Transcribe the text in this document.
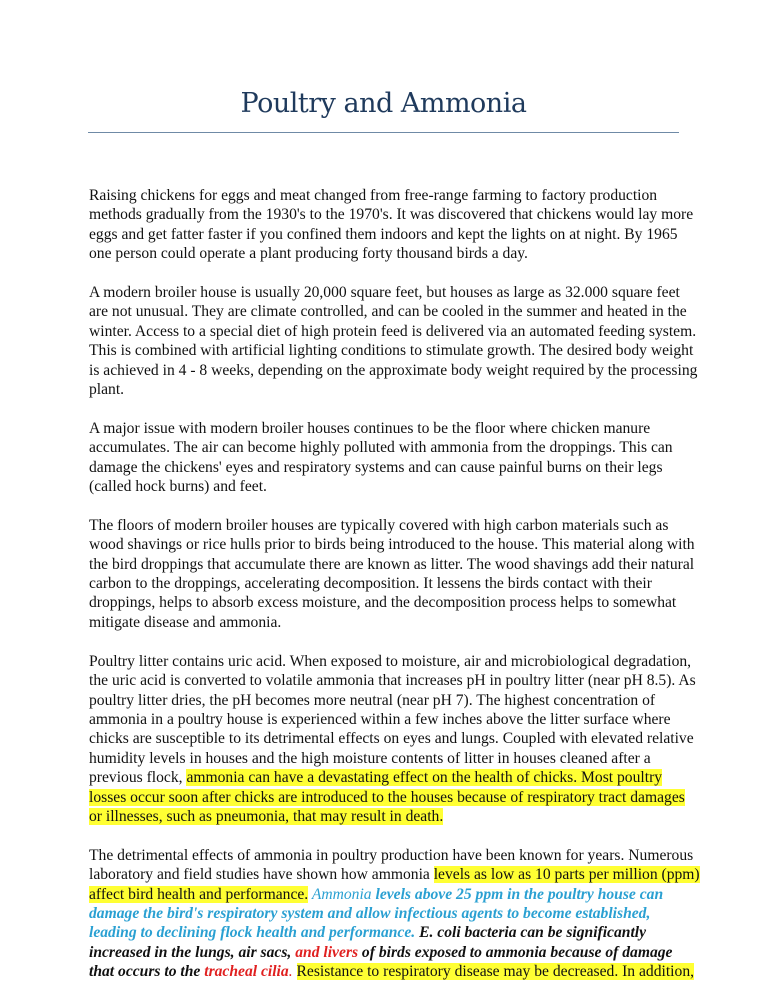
Poultry and Ammonia

Raising chickens for eggs and meat changed from free-range farming to factory production methods gradually from the 1930's to the 1970's. It was discovered that chickens would lay more eggs and get fatter faster if you confined them indoors and kept the lights on at night. By 1965 one person could operate a plant producing forty thousand birds a day.

A modern broiler house is usually 20,000 square feet, but houses as large as 32.000 square feet are not unusual. They are climate controlled, and can be cooled in the summer and heated in the winter. Access to a special diet of high protein feed is delivered via an automated feeding system. This is combined with artificial lighting conditions to stimulate growth. The desired body weight is achieved in 4 - 8 weeks, depending on the approximate body weight required by the processing plant.

A major issue with modern broiler houses continues to be the floor where chicken manure accumulates. The air can become highly polluted with ammonia from the droppings. This can damage the chickens' eyes and respiratory systems and can cause painful burns on their legs (called hock burns) and feet.

The floors of modern broiler houses are typically covered with high carbon materials such as wood shavings or rice hulls prior to birds being introduced to the house. This material along with the bird droppings that accumulate there are known as litter. The wood shavings add their natural carbon to the droppings, accelerating decomposition. It lessens the birds contact with their droppings, helps to absorb excess moisture, and the decomposition process helps to somewhat mitigate disease and ammonia.

Poultry litter contains uric acid. When exposed to moisture, air and microbiological degradation, the uric acid is converted to volatile ammonia that increases pH in poultry litter (near pH 8.5). As poultry litter dries, the pH becomes more neutral (near pH 7). The highest concentration of ammonia in a poultry house is experienced within a few inches above the litter surface where chicks are susceptible to its detrimental effects on eyes and lungs. Coupled with elevated relative humidity levels in houses and the high moisture contents of litter in houses cleaned after a previous flock, ammonia can have a devastating effect on the health of chicks. Most poultry losses occur soon after chicks are introduced to the houses because of respiratory tract damages or illnesses, such as pneumonia, that may result in death.

The detrimental effects of ammonia in poultry production have been known for years. Numerous laboratory and field studies have shown how ammonia levels as low as 10 parts per million (ppm) affect bird health and performance. Ammonia levels above 25 ppm in the poultry house can damage the bird's respiratory system and allow infectious agents to become established, leading to declining flock health and performance. E. coli bacteria can be significantly increased in the lungs, air sacs, and livers of birds exposed to ammonia because of damage that occurs to the tracheal cilia. Resistance to respiratory disease may be decreased. In addition,
